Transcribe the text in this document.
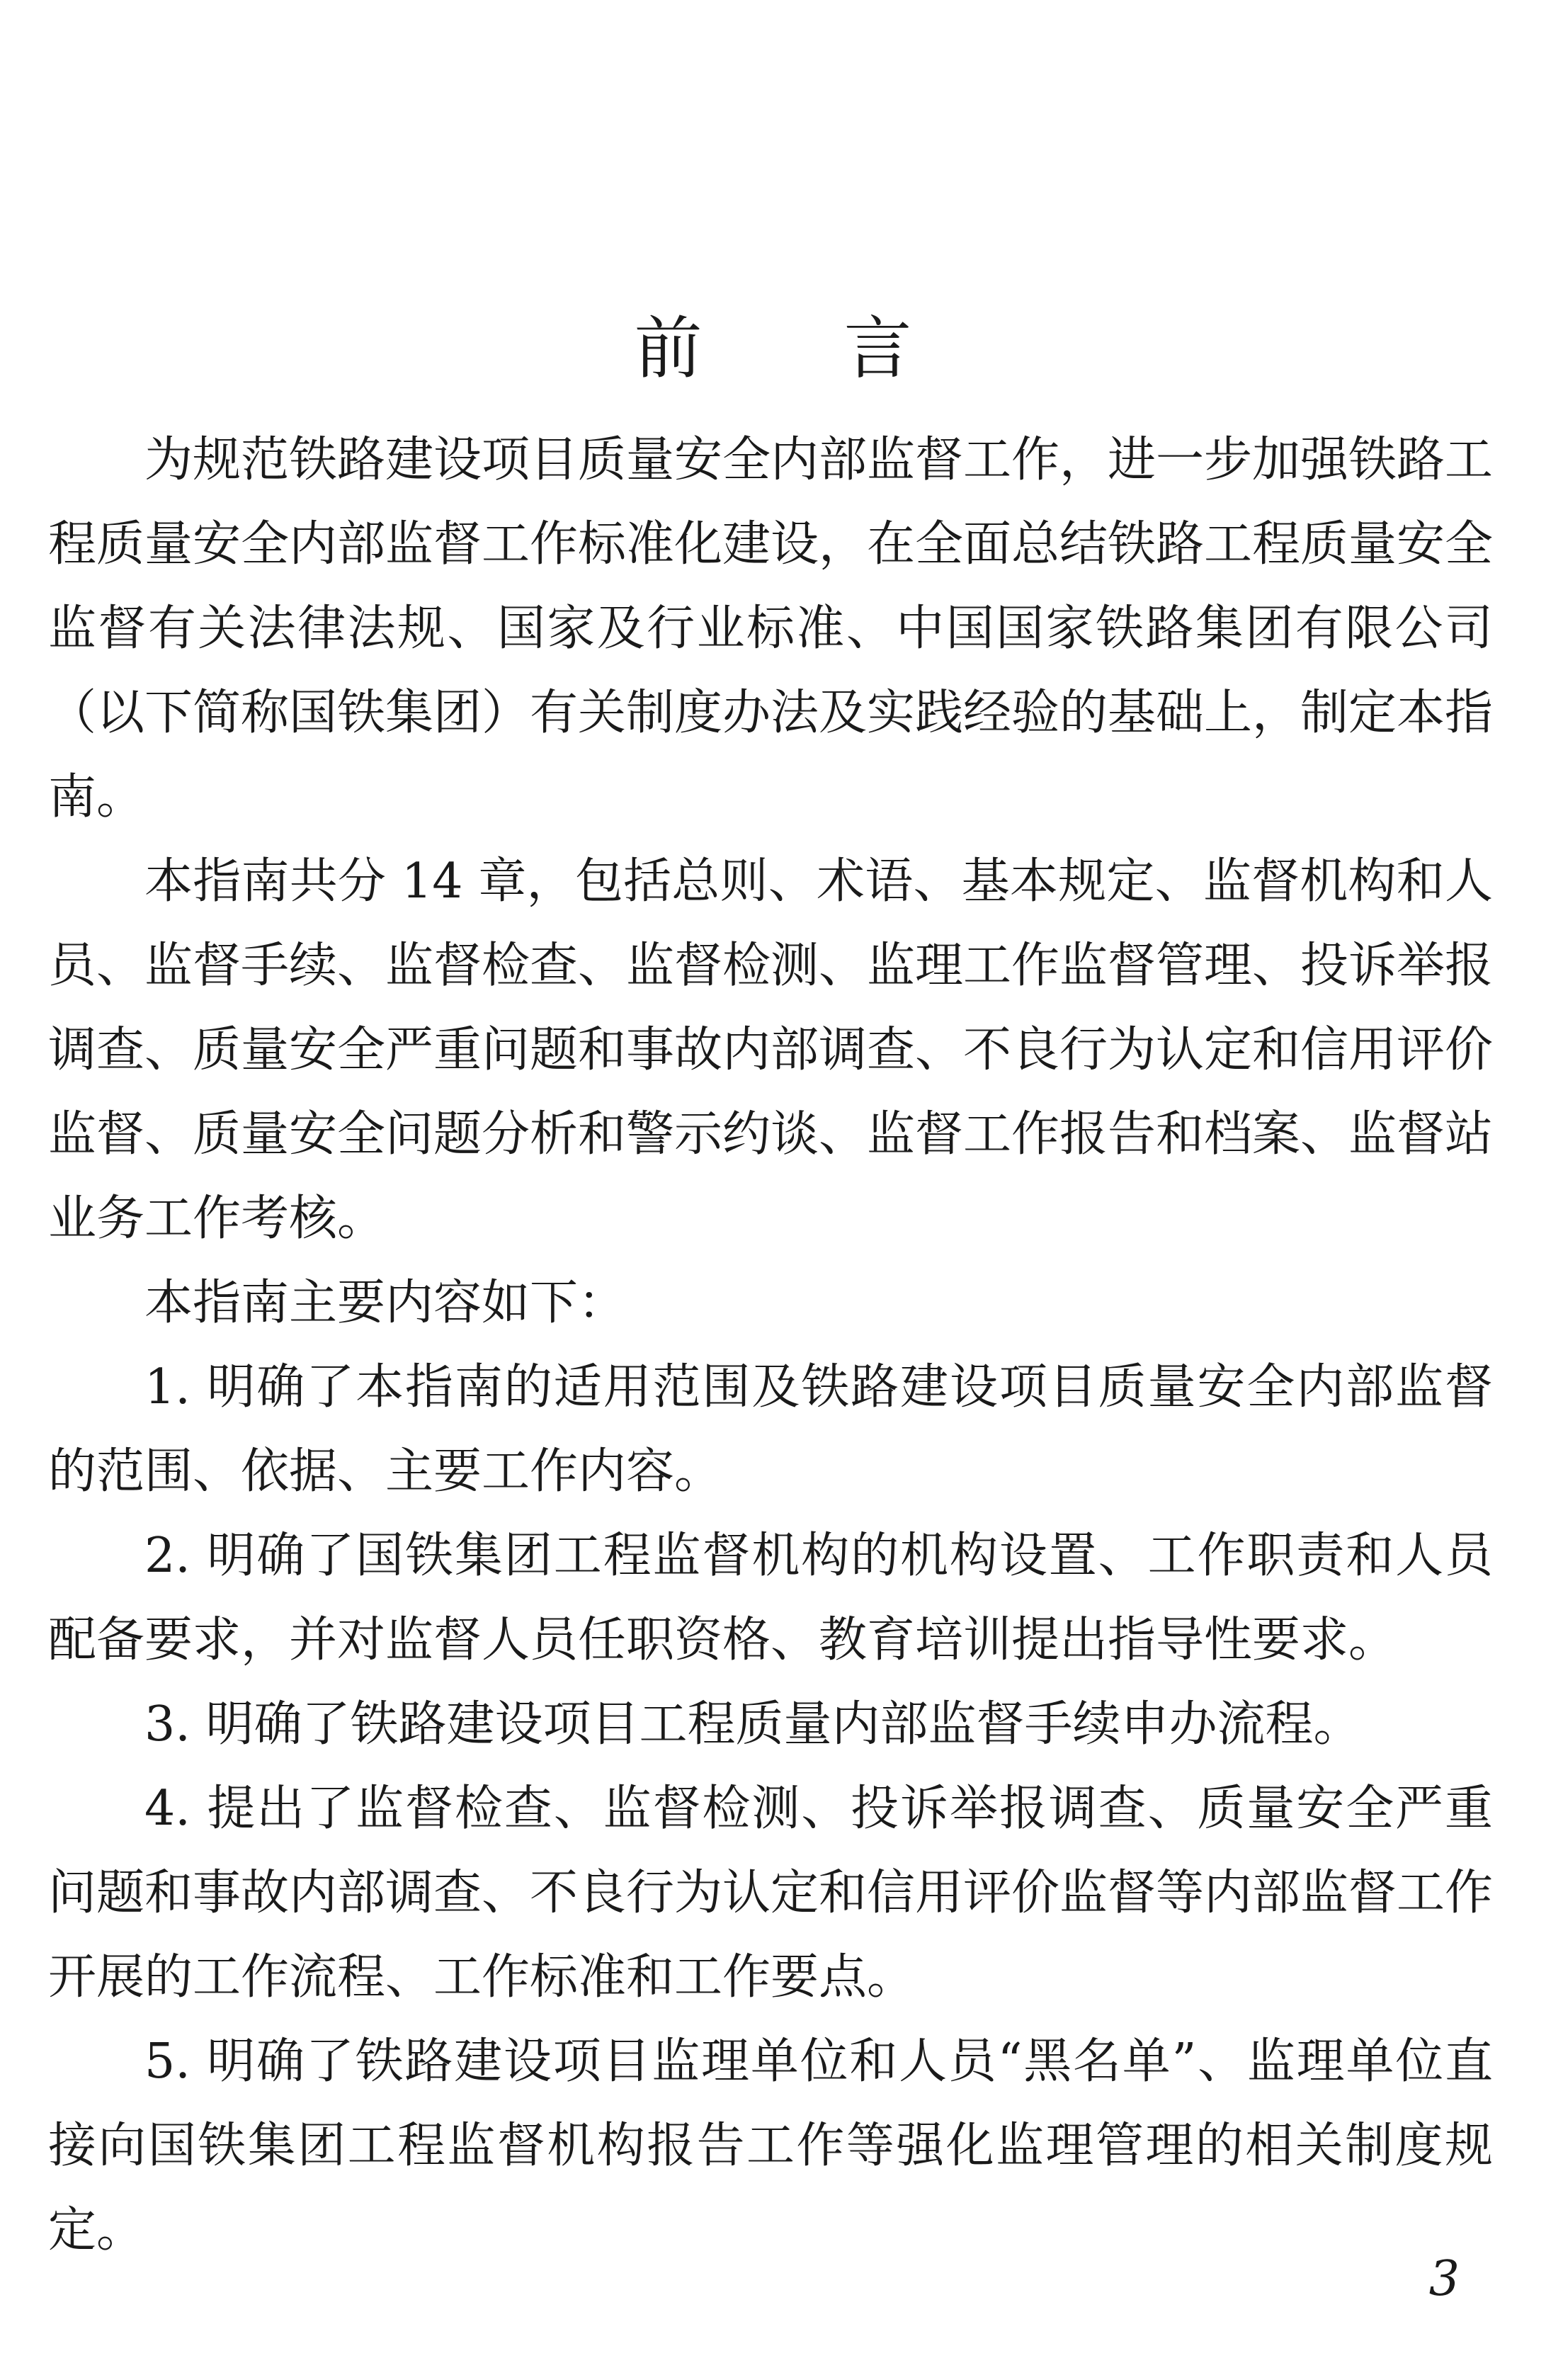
前言

为规范铁路建设项目质量安全内部监督工作，进一步加强铁路工程质量安全内部监督工作标准化建设，在全面总结铁路工程质量安全监督有关法律法规、国家及行业标准、中国国家铁路集团有限公司（以下简称国铁集团）有关制度办法及实践经验的基础上，制定本指南。

本指南共分 14 章，包括总则、术语、基本规定、监督机构和人员、监督手续、监督检查、监督检测、监理工作监督管理、投诉举报调查、质量安全严重问题和事故内部调查、不良行为认定和信用评价监督、质量安全问题分析和警示约谈、监督工作报告和档案、监督站业务工作考核。

本指南主要内容如下：

1. 明确了本指南的适用范围及铁路建设项目质量安全内部监督的范围、依据、主要工作内容。

2. 明确了国铁集团工程监督机构的机构设置、工作职责和人员配备要求，并对监督人员任职资格、教育培训提出指导性要求。

3. 明确了铁路建设项目工程质量内部监督手续申办流程。

4. 提出了监督检查、监督检测、投诉举报调查、质量安全严重问题和事故内部调查、不良行为认定和信用评价监督等内部监督工作开展的工作流程、工作标准和工作要点。

5. 明确了铁路建设项目监理单位和人员“黑名单”、监理单位直接向国铁集团工程监督机构报告工作等强化监理管理的相关制度规定。

3
